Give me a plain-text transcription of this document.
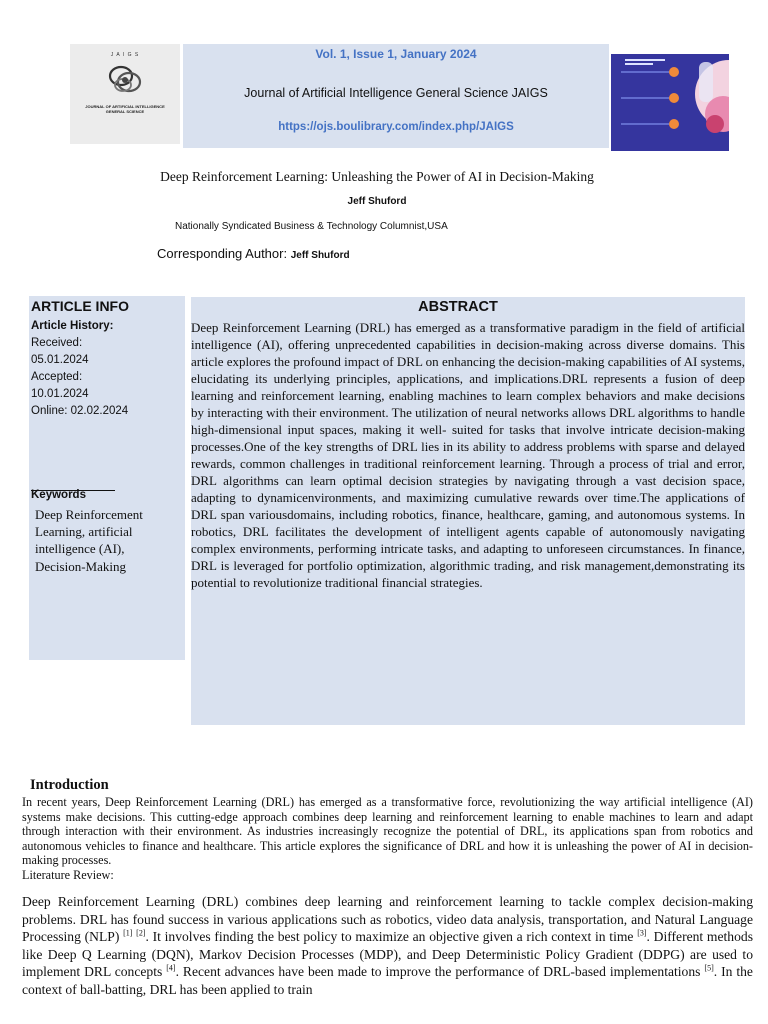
J A I G S
JOURNAL OF ARTIFICIAL INTELLIGENCE GENERAL SCIENCE
Vol. 1, Issue 1, January 2024
Journal of Artificial Intelligence General Science JAIGS
https://ojs.boulibrary.com/index.php/JAIGS
Deep Reinforcement Learning: Unleashing the Power of AI in Decision-Making
Jeff Shuford
Nationally Syndicated Business & Technology Columnist,USA
Corresponding Author: Jeff Shuford
ARTICLE INFO
Article History:
Received:
05.01.2024
Accepted:
10.01.2024
Online: 02.02.2024
Keywords
Deep Reinforcement Learning, artificial intelligence (AI), Decision-Making
ABSTRACT
Deep Reinforcement Learning (DRL) has emerged as a transformative paradigm in the field of artificial intelligence (AI), offering unprecedented capabilities in decision-making across diverse domains. This article explores the profound impact of DRL on enhancing the decision-making capabilities of AI systems, elucidating its underlying principles, applications, and implications.DRL represents a fusion of deep learning and reinforcement learning, enabling machines to learn complex behaviors and make decisions by interacting with their environment. The utilization of neural networks allows DRL algorithms to handle high-dimensional input spaces, making it well- suited for tasks that involve intricate decision-making processes.One of the key strengths of DRL lies in its ability to address problems with sparse and delayed rewards, common challenges in traditional reinforcement learning. Through a process of trial and error, DRL algorithms can learn optimal decision strategies by navigating through a vast decision space, adapting to dynamicenvironments, and maximizing cumulative rewards over time.The applications of DRL span variousdomains, including robotics, finance, healthcare, gaming, and autonomous systems. In robotics, DRL facilitates the development of intelligent agents capable of autonomously navigating complex environments, performing intricate tasks, and adapting to unforeseen circumstances. In finance, DRL is leveraged for portfolio optimization, algorithmic trading, and risk management,demonstrating its potential to revolutionize traditional financial strategies.
Introduction
In recent years, Deep Reinforcement Learning (DRL) has emerged as a transformative force, revolutionizing the way artificial intelligence (AI) systems make decisions. This cutting-edge approach combines deep learning and reinforcement learning to enable machines to learn and adapt through interaction with their environment. As industries increasingly recognize the potential of DRL, its applications span from robotics and autonomous vehicles to finance and healthcare. This article explores the significance of DRL and how it is unleashing the power of AI in decision-making processes.
Literature Review:
Deep Reinforcement Learning (DRL) combines deep learning and reinforcement learning to tackle complex decision-making problems. DRL has found success in various applications such as robotics, video data analysis, transportation, and Natural Language Processing (NLP) [1] [2]. It involves finding the best policy to maximize an objective given a rich context in time [3]. Different methods like Deep Q Learning (DQN), Markov Decision Processes (MDP), and Deep Deterministic Policy Gradient (DDPG) are used to implement DRL concepts [4]. Recent advances have been made to improve the performance of DRL-based implementations [5]. In the context of ball-batting, DRL has been applied to train
